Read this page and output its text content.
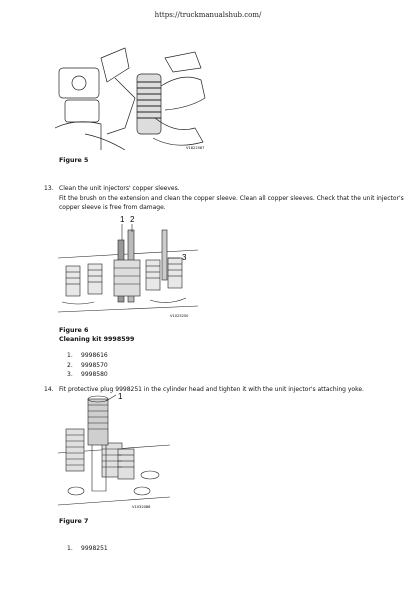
https://truckmanualshub.com/
V1822567
Figure 5
13. Clean the unit injectors' copper sleeves.
Fit the brush on the extension and clean the copper sleeve. Clean all copper sleeves. Check that the unit injector's
copper sleeve is free from damage.
1 2
3
V1025250
Figure 6
Cleaning kit 9998599
1. 9998616
2. 9998570
3. 9998580
14. Fit protective plug 9998251 in the cylinder head and tighten it with the unit injector's attaching yoke.
1
V1032086
Figure 7
1. 9998251
